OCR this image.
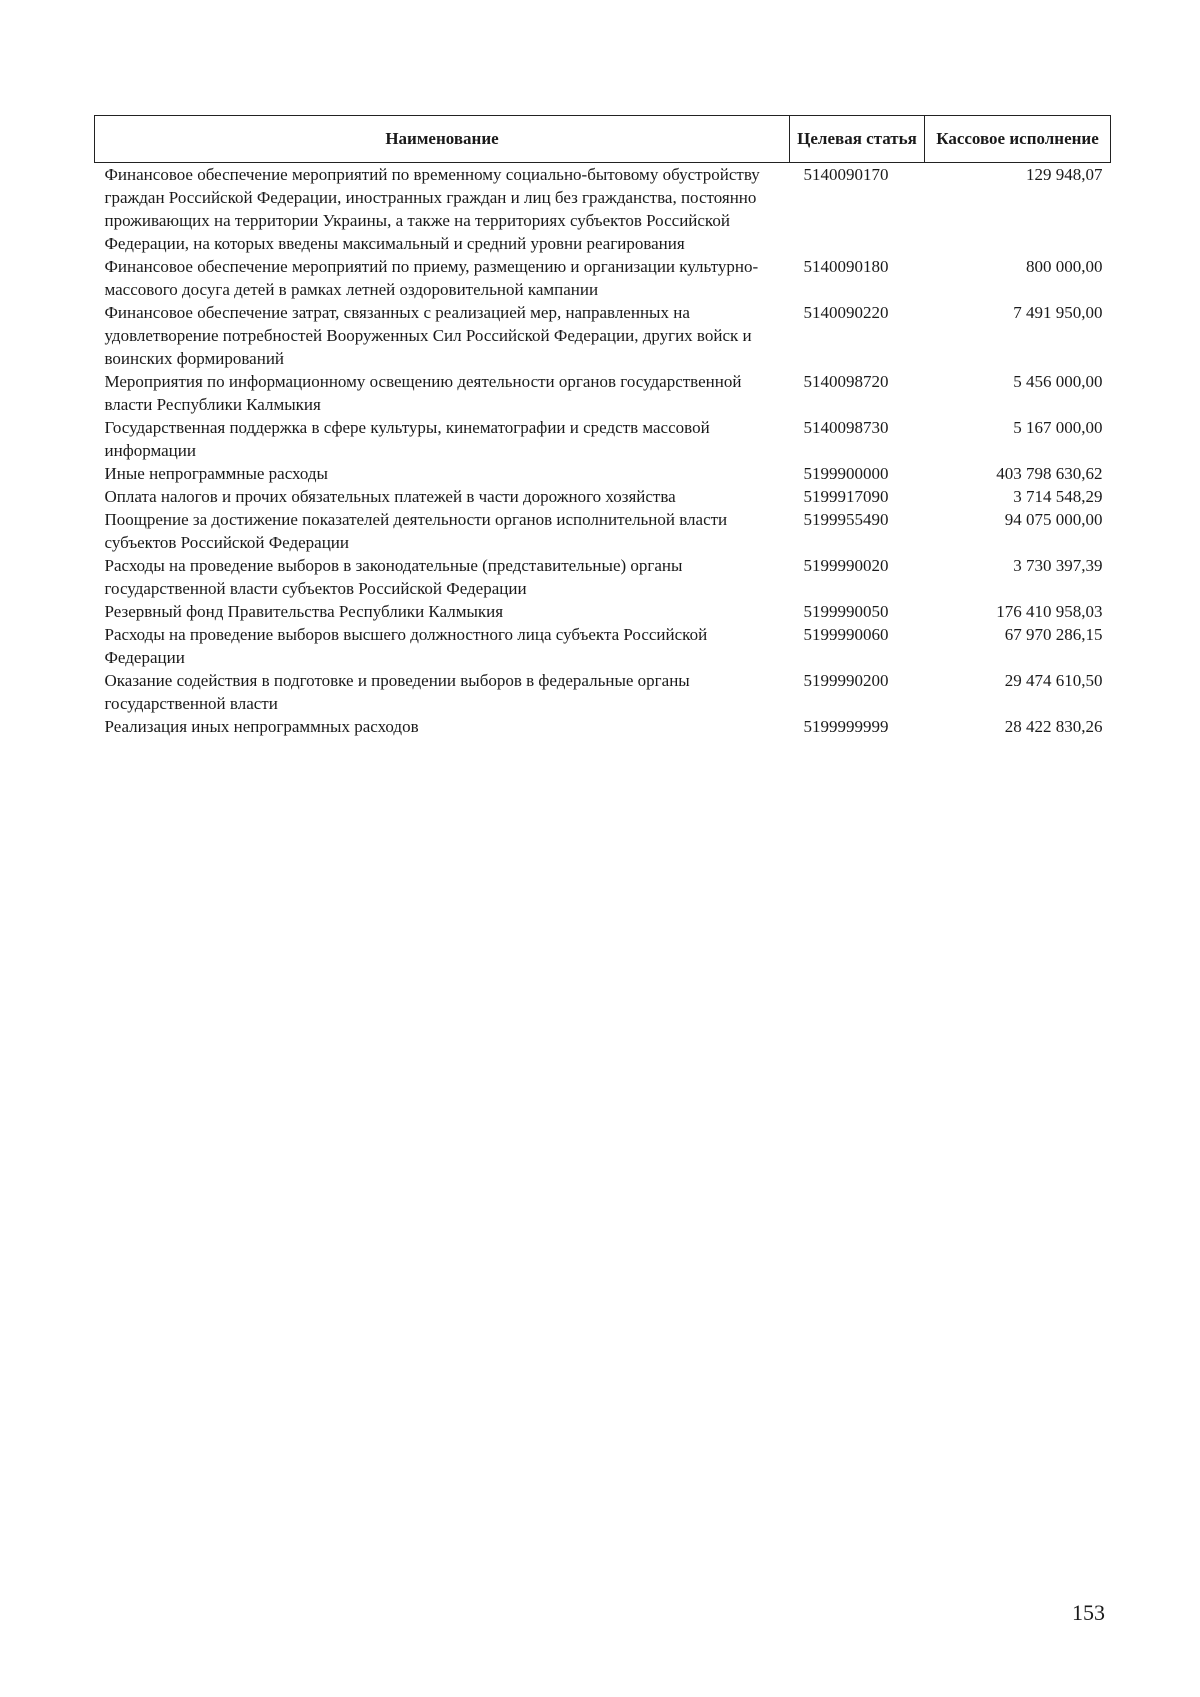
Наименование	Целевая статья	Кассовое исполнение
Финансовое обеспечение мероприятий по временному социально-бытовому обустройству граждан Российской Федерации, иностранных граждан и лиц без гражданства, постоянно проживающих на территории Украины, а также на территориях субъектов Российской Федерации, на которых введены максимальный и средний уровни реагирования	5140090170	129 948,07
Финансовое обеспечение мероприятий по приему, размещению и организации культурно-массового досуга детей в рамках летней оздоровительной кампании	5140090180	800 000,00
Финансовое обеспечение затрат, связанных с реализацией мер, направленных на удовлетворение потребностей Вооруженных Сил Российской Федерации, других войск и воинских формирований	5140090220	7 491 950,00
Мероприятия по информационному освещению деятельности органов государственной власти Республики Калмыкия	5140098720	5 456 000,00
Государственная поддержка в сфере культуры, кинематографии и средств массовой информации	5140098730	5 167 000,00
Иные непрограммные расходы	5199900000	403 798 630,62
Оплата налогов и прочих обязательных платежей в части дорожного хозяйства	5199917090	3 714 548,29
Поощрение за достижение показателей деятельности органов исполнительной власти субъектов Российской Федерации	5199955490	94 075 000,00
Расходы на проведение выборов в законодательные (представительные) органы государственной власти субъектов Российской Федерации	5199990020	3 730 397,39
Резервный фонд Правительства Республики Калмыкия	5199990050	176 410 958,03
Расходы на проведение выборов высшего должностного лица субъекта Российской Федерации	5199990060	67 970 286,15
Оказание содействия в подготовке и проведении выборов в федеральные органы государственной власти	5199990200	29 474 610,50
Реализация иных непрограммных расходов	5199999999	28 422 830,26
153
